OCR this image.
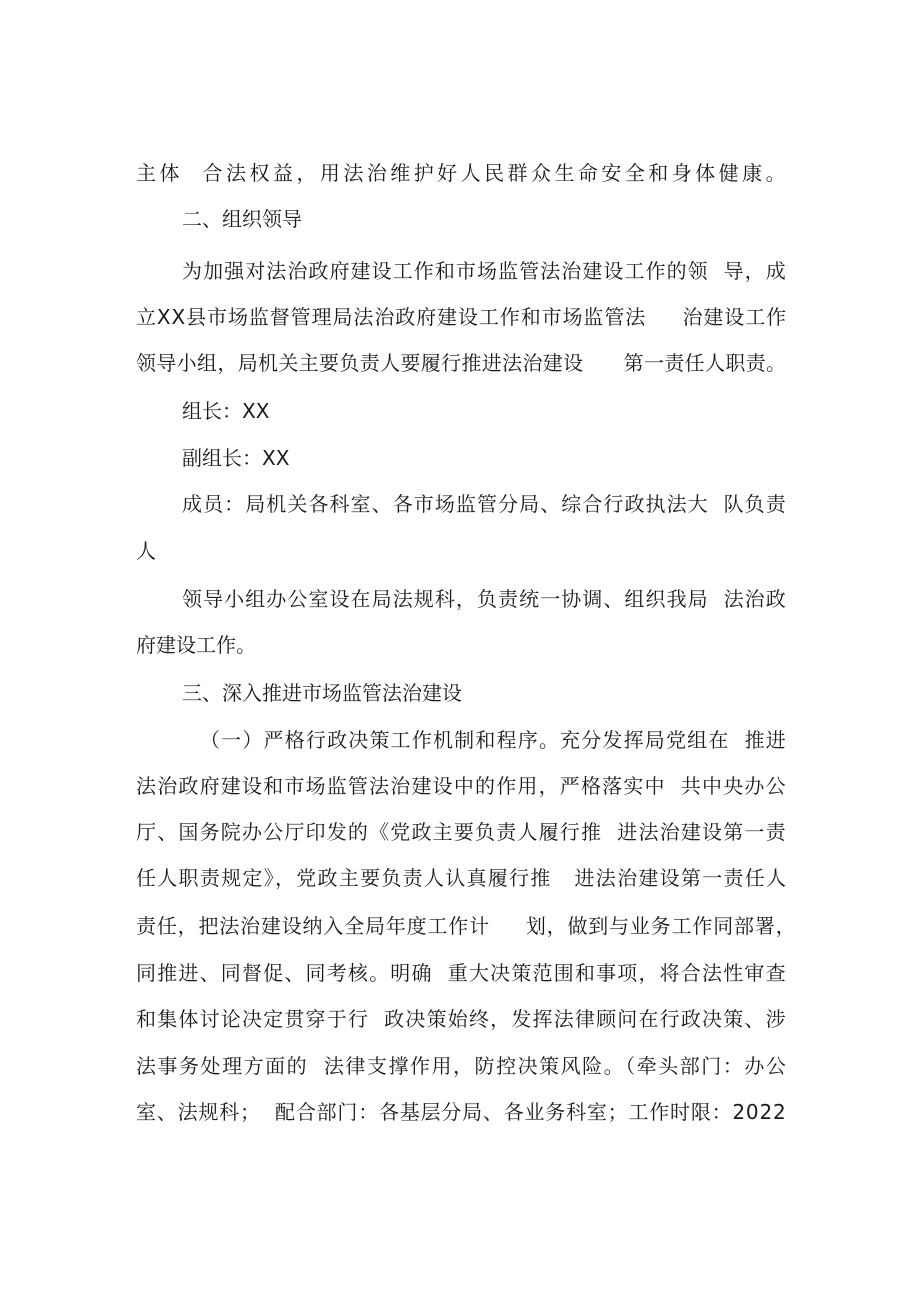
主体  合法权益，用法治维护好人民群众生命安全和身体健康。
二、组织领导
为加强对法治政府建设工作和市场监管法治建设工作的领  导，成
立XX县市场监督管理局法治政府建设工作和市场监管法     治建设工作
领导小组，局机关主要负责人要履行推进法治建设      第一责任人职责。
组长：XX
副组长：XX
成员：局机关各科室、各市场监管分局、综合行政执法大  队负责
人
领导小组办公室设在局法规科，负责统一协调、组织我局  法治政
府建设工作。
三、深入推进市场监管法治建设
（一）严格行政决策工作机制和程序。充分发挥局党组在  推进
法治政府建设和市场监管法治建设中的作用，严格落实中  共中央办公
厅、国务院办公厅印发的《党政主要负责人履行推  进法治建设第一责
任人职责规定》，党政主要负责人认真履行推   进法治建设第一责任人
责任，把法治建设纳入全局年度工作计     划，做到与业务工作同部署，
同推进、同督促、同考核。明确  重大决策范围和事项，将合法性审查
和集体讨论决定贯穿于行  政决策始终，发挥法律顾问在行政决策、涉
法事务处理方面的  法律支撑作用，防控决策风险。（牵头部门：办公
室、法规科；  配合部门：各基层分局、各业务科室；工作时限：2022
